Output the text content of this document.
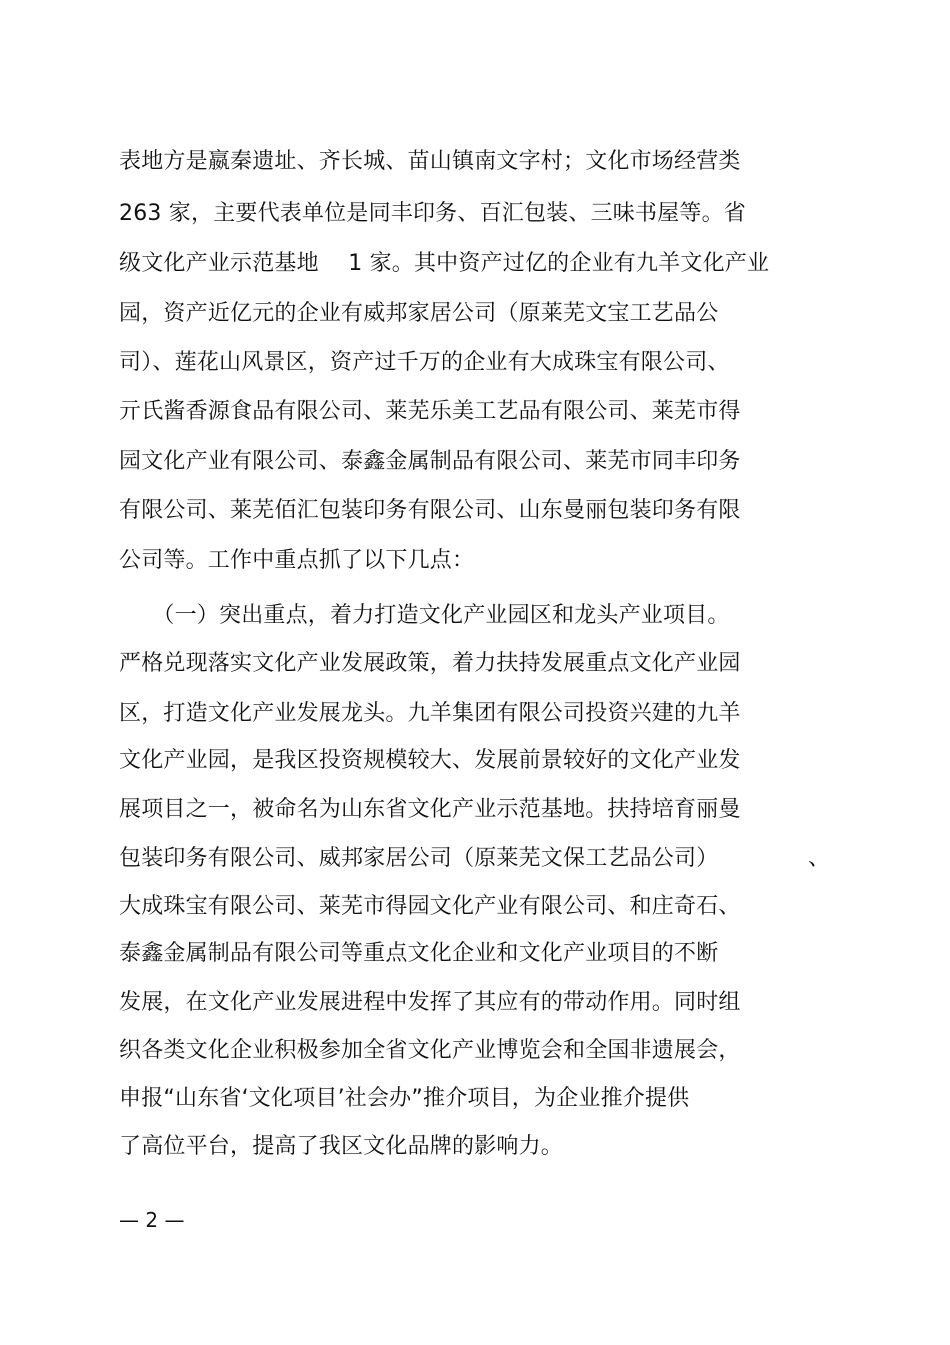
表地方是嬴秦遗址、齐长城、苗山镇南文字村；文化市场经营类
263 家，主要代表单位是同丰印务、百汇包装、三味书屋等。省
级文化产业示范基地　 1 家。其中资产过亿的企业有九羊文化产业
园，资产近亿元的企业有威邦家居公司（原莱芜文宝工艺品公
司）、莲花山风景区，资产过千万的企业有大成珠宝有限公司、
亓氏酱香源食品有限公司、莱芜乐美工艺品有限公司、莱芜市得
园文化产业有限公司、泰鑫金属制品有限公司、莱芜市同丰印务
有限公司、莱芜佰汇包装印务有限公司、山东曼丽包装印务有限
公司等。工作中重点抓了以下几点：
　　（一）突出重点，着力打造文化产业园区和龙头产业项目。
严格兑现落实文化产业发展政策，着力扶持发展重点文化产业园
区，打造文化产业发展龙头。九羊集团有限公司投资兴建的九羊
文化产业园，是我区投资规模较大、发展前景较好的文化产业发
展项目之一，被命名为山东省文化产业示范基地。扶持培育丽曼
包装印务有限公司、威邦家居公司（原莱芜文保工艺品公司）	、
大成珠宝有限公司、莱芜市得园文化产业有限公司、和庄奇石、
泰鑫金属制品有限公司等重点文化企业和文化产业项目的不断
发展，在文化产业发展进程中发挥了其应有的带动作用。同时组
织各类文化企业积极参加全省文化产业博览会和全国非遗展会，
申报“山东省‘文化项目’社会办”推介项目，为企业推介提供
了高位平台，提高了我区文化品牌的影响力。
— 2 —
